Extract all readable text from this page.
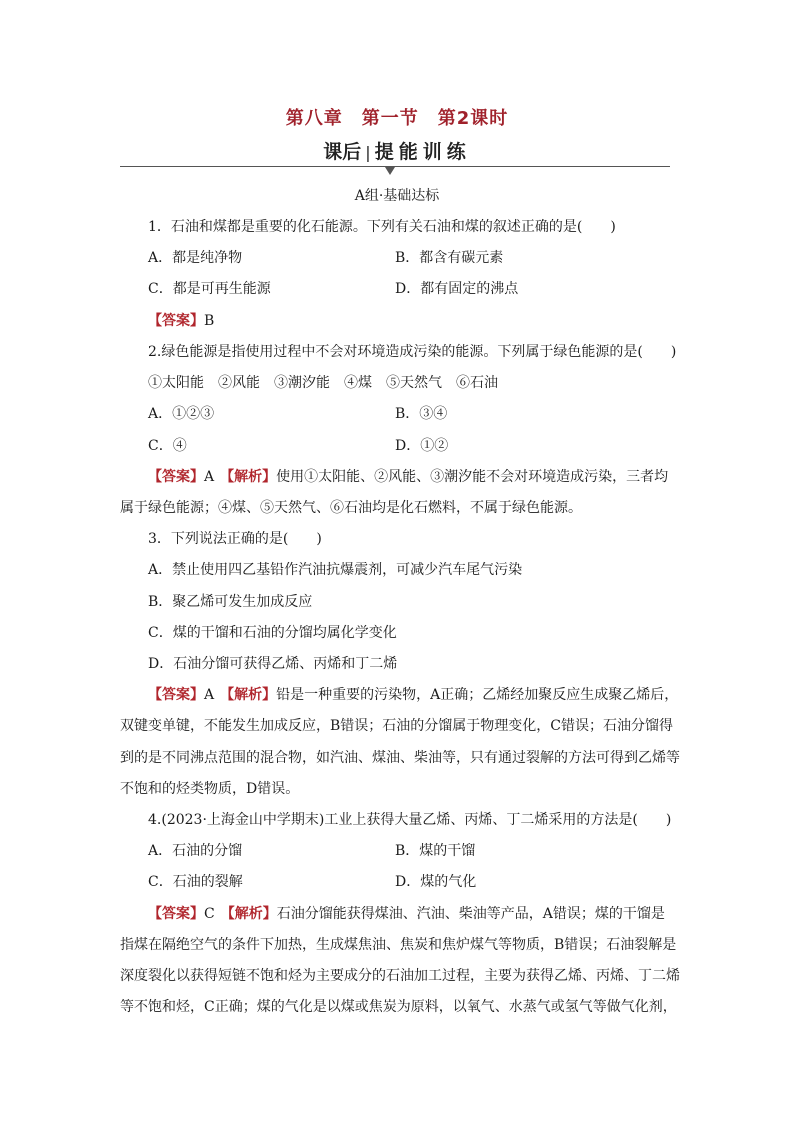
第八章　第一节　第2课时
课后 | 提能训练
A组·基础达标
1．石油和煤都是重要的化石能源。下列有关石油和煤的叙述正确的是(　　)
A．都是纯净物	B．都含有碳元素
C．都是可再生能源	D．都有固定的沸点
【答案】B
2.绿色能源是指使用过程中不会对环境造成污染的能源。下列属于绿色能源的是(　　)
①太阳能　②风能　③潮汐能　④煤　⑤天然气　⑥石油
A．①②③	B．③④
C．④	D．①②
【答案】A 【解析】使用①太阳能、②风能、③潮汐能不会对环境造成污染，三者均
属于绿色能源；④煤、⑤天然气、⑥石油均是化石燃料，不属于绿色能源。
3．下列说法正确的是(　　)
A．禁止使用四乙基铅作汽油抗爆震剂，可减少汽车尾气污染
B．聚乙烯可发生加成反应
C．煤的干馏和石油的分馏均属化学变化
D．石油分馏可获得乙烯、丙烯和丁二烯
【答案】A 【解析】铅是一种重要的污染物，A正确；乙烯经加聚反应生成聚乙烯后，
双键变单键，不能发生加成反应，B错误；石油的分馏属于物理变化，C错误；石油分馏得
到的是不同沸点范围的混合物，如汽油、煤油、柴油等，只有通过裂解的方法可得到乙烯等
不饱和的烃类物质，D错误。
4.(2023·上海金山中学期末)工业上获得大量乙烯、丙烯、丁二烯采用的方法是(　　)
A．石油的分馏	B．煤的干馏
C．石油的裂解	D．煤的气化
【答案】C 【解析】石油分馏能获得煤油、汽油、柴油等产品，A错误；煤的干馏是
指煤在隔绝空气的条件下加热，生成煤焦油、焦炭和焦炉煤气等物质，B错误；石油裂解是
深度裂化以获得短链不饱和烃为主要成分的石油加工过程，主要为获得乙烯、丙烯、丁二烯
等不饱和烃，C正确；煤的气化是以煤或焦炭为原料，以氧气、水蒸气或氢气等做气化剂，
